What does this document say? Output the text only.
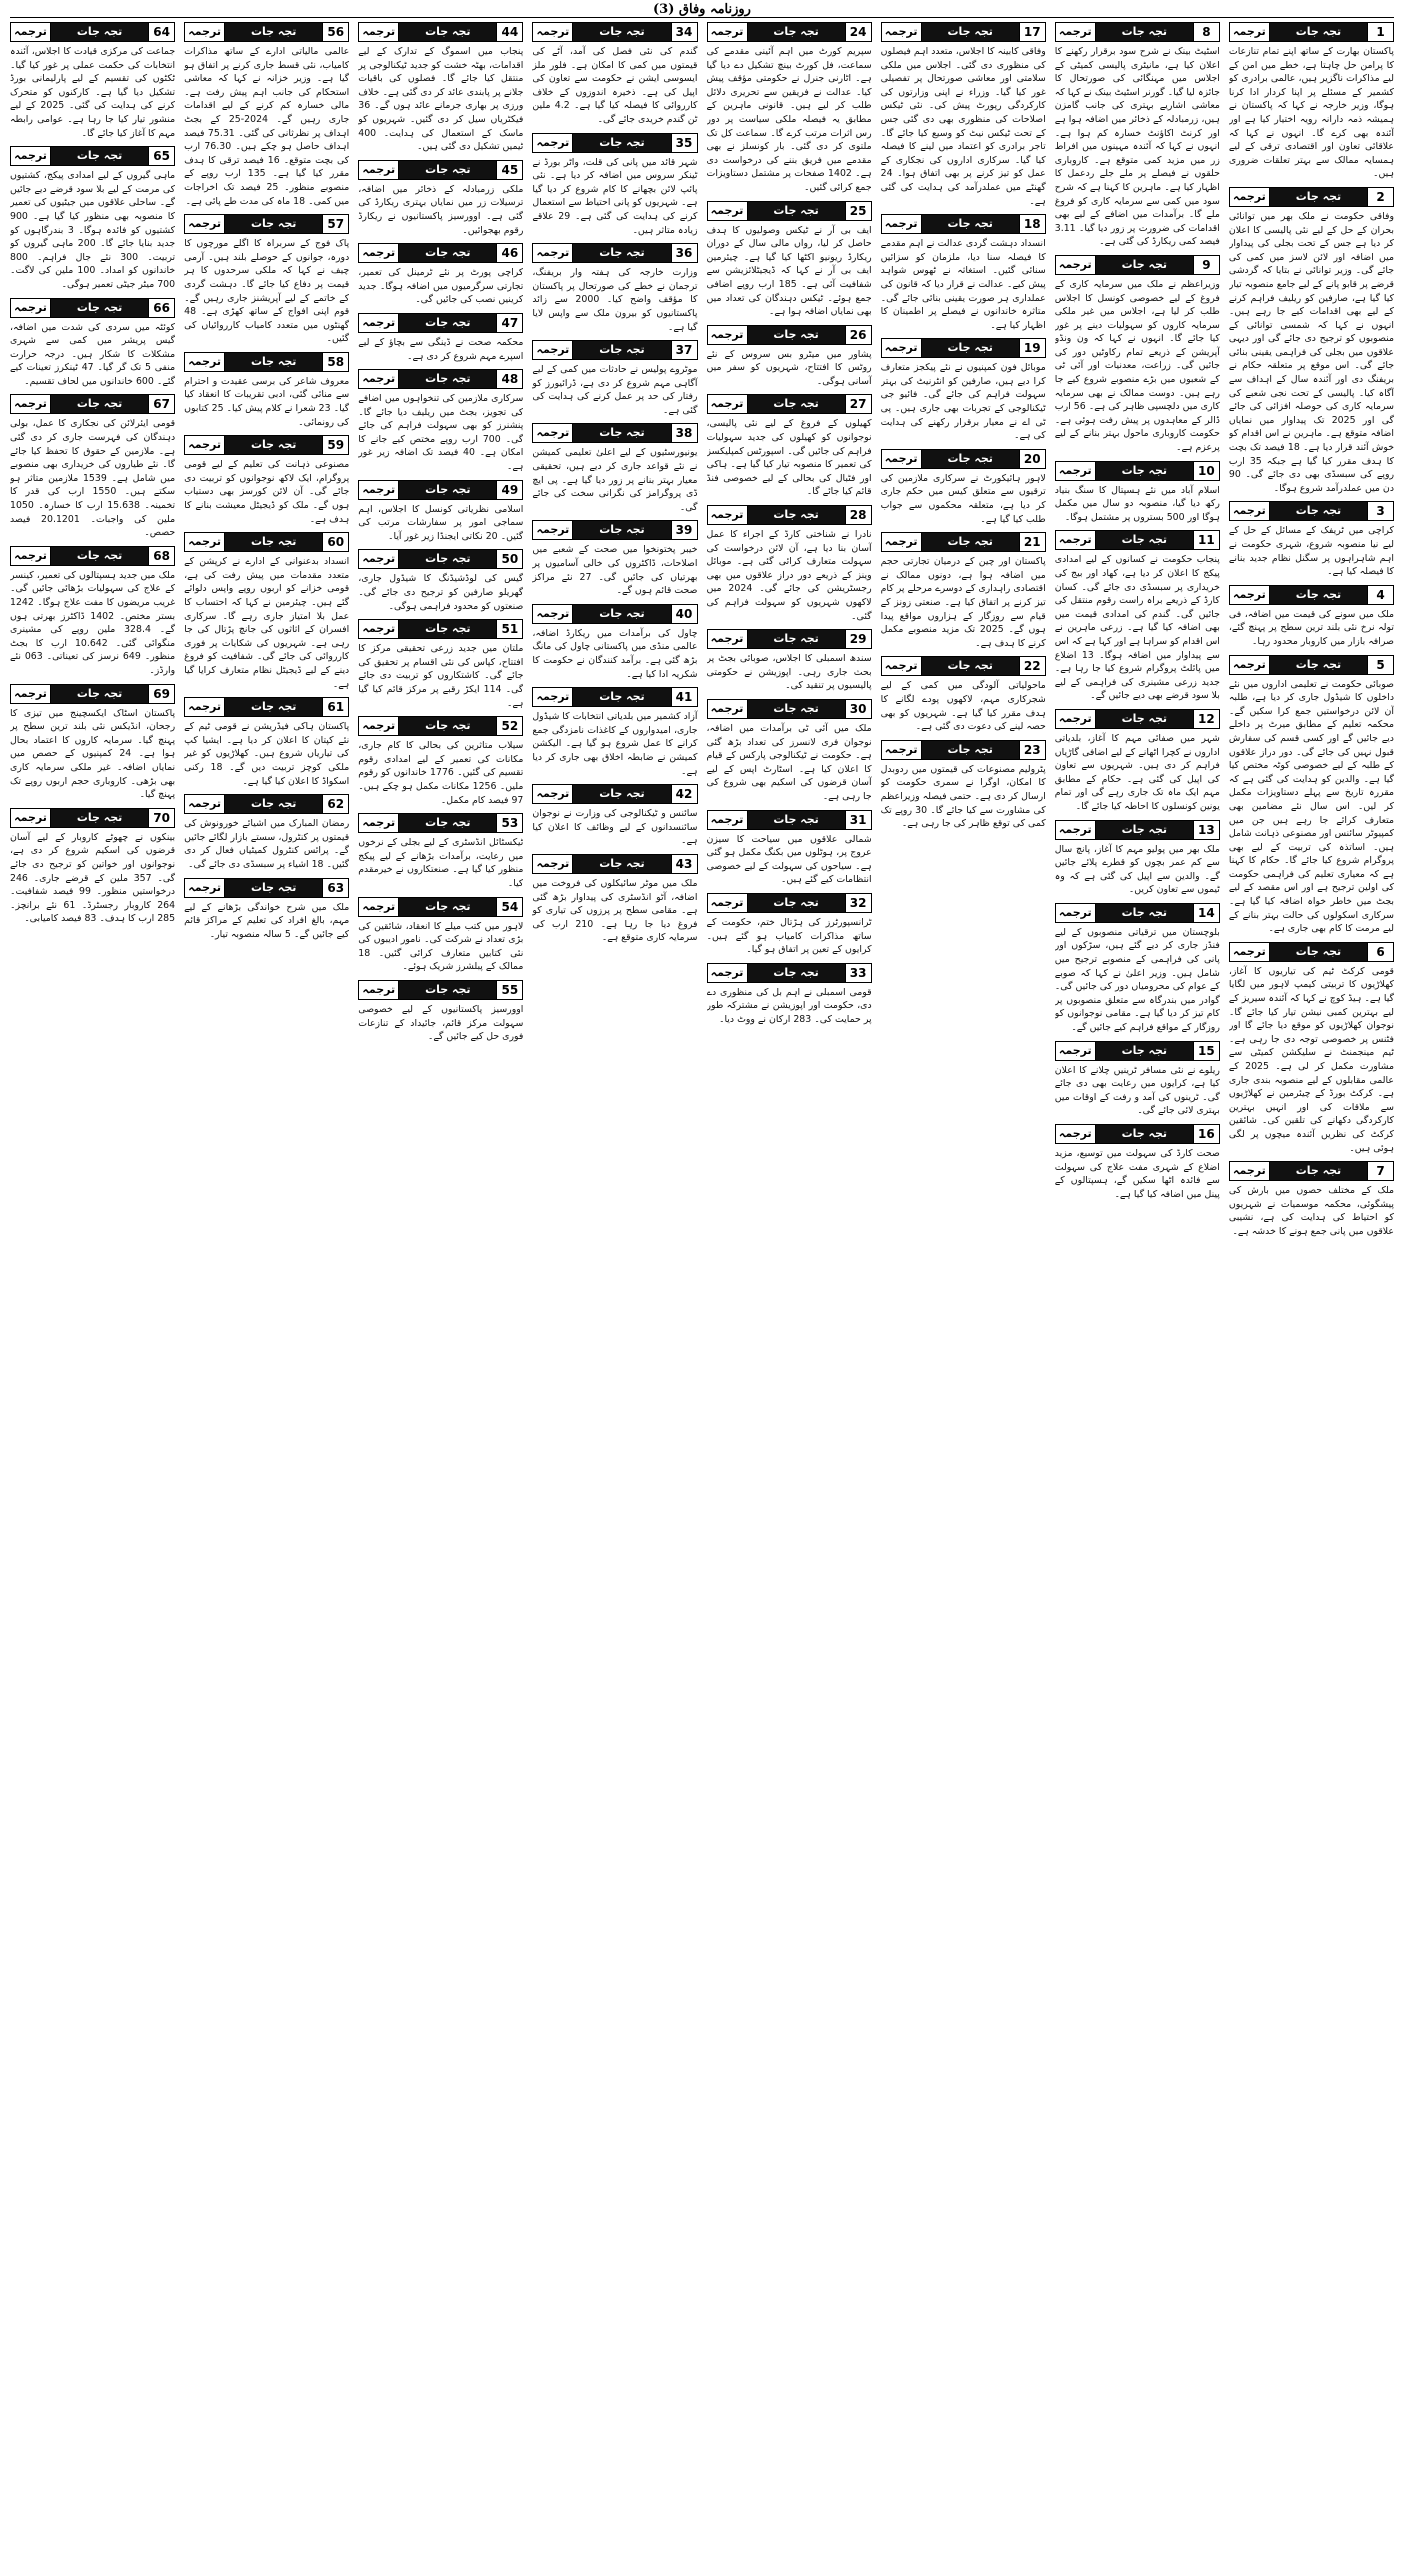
روزنامہ وفاق (3)
1
تجہ جات
ترجمہ
پاکستان بھارت کے ساتھ اپنے تمام تنازعات کا پرامن حل چاہتا ہے، خطے میں امن کے لیے مذاکرات ناگزیر ہیں، عالمی برادری کو کشمیر کے مسئلے پر اپنا کردار ادا کرنا ہوگا، وزیر خارجہ نے کہا کہ پاکستان نے ہمیشہ ذمہ دارانہ رویہ اختیار کیا ہے اور آئندہ بھی کرے گا۔ انہوں نے کہا کہ علاقائی تعاون اور اقتصادی ترقی کے لیے ہمسایہ ممالک سے بہتر تعلقات ضروری ہیں۔
2
تجہ جات
ترجمہ
وفاقی حکومت نے ملک بھر میں توانائی بحران کے حل کے لیے نئی پالیسی کا اعلان کر دیا ہے جس کے تحت بجلی کی پیداوار میں اضافہ اور لائن لاسز میں کمی کی جائے گی۔ وزیر توانائی نے بتایا کہ گردشی قرضے پر قابو پانے کے لیے جامع منصوبہ تیار کیا گیا ہے، صارفین کو ریلیف فراہم کرنے کے لیے بھی اقدامات کیے جا رہے ہیں۔ انہوں نے کہا کہ شمسی توانائی کے منصوبوں کو ترجیح دی جائے گی اور دیہی علاقوں میں بجلی کی فراہمی یقینی بنائی جائے گی۔ اس موقع پر متعلقہ حکام نے بریفنگ دی اور آئندہ سال کے اہداف سے آگاہ کیا۔ پالیسی کے تحت نجی شعبے کی سرمایہ کاری کی حوصلہ افزائی کی جائے گی اور 2025 تک پیداوار میں نمایاں اضافہ متوقع ہے۔ ماہرین نے اس اقدام کو خوش آئند قرار دیا ہے۔ 18 فیصد تک بچت کا ہدف مقرر کیا گیا ہے جبکہ 35 ارب روپے کی سبسڈی بھی دی جائے گی۔ 90 دن میں عملدرآمد شروع ہوگا۔
3
تجہ جات
ترجمہ
کراچی میں ٹریفک کے مسائل کے حل کے لیے نیا منصوبہ شروع، شہری حکومت نے اہم شاہراہوں پر سگنل نظام جدید بنانے کا فیصلہ کیا ہے۔
4
تجہ جات
ترجمہ
ملک میں سونے کی قیمت میں اضافہ، فی تولہ نرخ نئی بلند ترین سطح پر پہنچ گئے، صرافہ بازار میں کاروبار محدود رہا۔
5
تجہ جات
ترجمہ
صوبائی حکومت نے تعلیمی اداروں میں نئے داخلوں کا شیڈول جاری کر دیا ہے، طلبہ آن لائن درخواستیں جمع کرا سکیں گے۔ محکمہ تعلیم کے مطابق میرٹ پر داخلے دیے جائیں گے اور کسی قسم کی سفارش قبول نہیں کی جائے گی۔ دور دراز علاقوں کے طلبہ کے لیے خصوصی کوٹہ مختص کیا گیا ہے۔ والدین کو ہدایت کی گئی ہے کہ مقررہ تاریخ سے پہلے دستاویزات مکمل کر لیں۔ اس سال نئے مضامین بھی متعارف کرائے جا رہے ہیں جن میں کمپیوٹر سائنس اور مصنوعی ذہانت شامل ہیں۔ اساتذہ کی تربیت کے لیے بھی پروگرام شروع کیا جائے گا۔ حکام کا کہنا ہے کہ معیاری تعلیم کی فراہمی حکومت کی اولین ترجیح ہے اور اس مقصد کے لیے بجٹ میں خاطر خواہ اضافہ کیا گیا ہے۔ سرکاری اسکولوں کی حالت بہتر بنانے کے لیے مرمت کا کام بھی جاری ہے۔
6
تجہ جات
ترجمہ
قومی کرکٹ ٹیم کی تیاریوں کا آغاز، کھلاڑیوں کا تربیتی کیمپ لاہور میں لگایا گیا ہے۔ ہیڈ کوچ نے کہا کہ آئندہ سیریز کے لیے بہترین کمبی نیشن تیار کیا جائے گا۔ نوجوان کھلاڑیوں کو موقع دیا جائے گا اور فٹنس پر خصوصی توجہ دی جا رہی ہے۔ ٹیم مینجمنٹ نے سلیکشن کمیٹی سے مشاورت مکمل کر لی ہے۔ 2025 کے عالمی مقابلوں کے لیے منصوبہ بندی جاری ہے۔ کرکٹ بورڈ کے چیئرمین نے کھلاڑیوں سے ملاقات کی اور انہیں بہترین کارکردگی دکھانے کی تلقین کی۔ شائقین کرکٹ کی نظریں آئندہ میچوں پر لگی ہوئی ہیں۔
7
تجہ جات
ترجمہ
ملک کے مختلف حصوں میں بارش کی پیشگوئی، محکمہ موسمیات نے شہریوں کو احتیاط کی ہدایت کی ہے، نشیبی علاقوں میں پانی جمع ہونے کا خدشہ ہے۔
8
تجہ جات
ترجمہ
اسٹیٹ بینک نے شرح سود برقرار رکھنے کا اعلان کیا ہے، مانیٹری پالیسی کمیٹی کے اجلاس میں مہنگائی کی صورتحال کا جائزہ لیا گیا۔ گورنر اسٹیٹ بینک نے کہا کہ معاشی اشاریے بہتری کی جانب گامزن ہیں، زرمبادلہ کے ذخائر میں اضافہ ہوا ہے اور کرنٹ اکاؤنٹ خسارہ کم ہوا ہے۔ انہوں نے کہا کہ آئندہ مہینوں میں افراط زر میں مزید کمی متوقع ہے۔ کاروباری حلقوں نے فیصلے پر ملے جلے ردعمل کا اظہار کیا ہے۔ ماہرین کا کہنا ہے کہ شرح سود میں کمی سے سرمایہ کاری کو فروغ ملے گا۔ برآمدات میں اضافے کے لیے بھی اقدامات کی ضرورت پر زور دیا گیا۔ 3.11 فیصد کمی ریکارڈ کی گئی ہے۔
9
تجہ جات
ترجمہ
وزیراعظم نے ملک میں سرمایہ کاری کے فروغ کے لیے خصوصی کونسل کا اجلاس طلب کر لیا ہے، اجلاس میں غیر ملکی سرمایہ کاروں کو سہولیات دینے پر غور کیا جائے گا۔ انہوں نے کہا کہ ون ونڈو آپریشن کے ذریعے تمام رکاوٹیں دور کی جائیں گی۔ زراعت، معدنیات اور آئی ٹی کے شعبوں میں بڑے منصوبے شروع کیے جا رہے ہیں۔ دوست ممالک نے بھی سرمایہ کاری میں دلچسپی ظاہر کی ہے۔ 56 ارب ڈالر کے معاہدوں پر پیش رفت ہوئی ہے۔ حکومت کاروباری ماحول بہتر بنانے کے لیے پرعزم ہے۔
10
تجہ جات
ترجمہ
اسلام آباد میں نئے ہسپتال کا سنگ بنیاد رکھ دیا گیا، منصوبہ دو سال میں مکمل ہوگا اور 500 بستروں پر مشتمل ہوگا۔
11
تجہ جات
ترجمہ
پنجاب حکومت نے کسانوں کے لیے امدادی پیکج کا اعلان کر دیا ہے، کھاد اور بیج کی خریداری پر سبسڈی دی جائے گی۔ کسان کارڈ کے ذریعے براہ راست رقوم منتقل کی جائیں گی۔ گندم کی امدادی قیمت میں بھی اضافہ کیا گیا ہے۔ زرعی ماہرین نے اس اقدام کو سراہا ہے اور کہا ہے کہ اس سے پیداوار میں اضافہ ہوگا۔ 13 اضلاع میں پائلٹ پروگرام شروع کیا جا رہا ہے۔ جدید زرعی مشینری کی فراہمی کے لیے بلا سود قرضے بھی دیے جائیں گے۔
12
تجہ جات
ترجمہ
شہر میں صفائی مہم کا آغاز، بلدیاتی اداروں نے کچرا اٹھانے کے لیے اضافی گاڑیاں فراہم کر دی ہیں۔ شہریوں سے تعاون کی اپیل کی گئی ہے۔ حکام کے مطابق مہم ایک ماہ تک جاری رہے گی اور تمام یونین کونسلوں کا احاطہ کیا جائے گا۔
13
تجہ جات
ترجمہ
ملک بھر میں پولیو مہم کا آغاز، پانچ سال سے کم عمر بچوں کو قطرے پلائے جائیں گے۔ والدین سے اپیل کی گئی ہے کہ وہ ٹیموں سے تعاون کریں۔
14
تجہ جات
ترجمہ
بلوچستان میں ترقیاتی منصوبوں کے لیے فنڈز جاری کر دیے گئے ہیں، سڑکوں اور پانی کی فراہمی کے منصوبے ترجیح میں شامل ہیں۔ وزیر اعلیٰ نے کہا کہ صوبے کے عوام کی محرومیاں دور کی جائیں گی۔ گوادر میں بندرگاہ سے متعلق منصوبوں پر کام تیز کر دیا گیا ہے۔ مقامی نوجوانوں کو روزگار کے مواقع فراہم کیے جائیں گے۔
15
تجہ جات
ترجمہ
ریلوے نے نئی مسافر ٹرینیں چلانے کا اعلان کیا ہے، کرایوں میں رعایت بھی دی جائے گی۔ ٹرینوں کی آمد و رفت کے اوقات میں بہتری لائی جائے گی۔
16
تجہ جات
ترجمہ
صحت کارڈ کی سہولت میں توسیع، مزید اضلاع کے شہری مفت علاج کی سہولت سے فائدہ اٹھا سکیں گے، ہسپتالوں کے پینل میں اضافہ کیا گیا ہے۔
17
تجہ جات
ترجمہ
وفاقی کابینہ کا اجلاس، متعدد اہم فیصلوں کی منظوری دی گئی۔ اجلاس میں ملکی سلامتی اور معاشی صورتحال پر تفصیلی غور کیا گیا۔ وزراء نے اپنی وزارتوں کی کارکردگی رپورٹ پیش کی۔ نئی ٹیکس اصلاحات کی منظوری بھی دی گئی جس کے تحت ٹیکس نیٹ کو وسیع کیا جائے گا۔ تاجر برادری کو اعتماد میں لینے کا فیصلہ کیا گیا۔ سرکاری اداروں کی نجکاری کے عمل کو تیز کرنے پر بھی اتفاق ہوا۔ 24 گھنٹے میں عملدرآمد کی ہدایت کی گئی ہے۔
18
تجہ جات
ترجمہ
انسداد دہشت گردی عدالت نے اہم مقدمے کا فیصلہ سنا دیا، ملزمان کو سزائیں سنائی گئیں۔ استغاثہ نے ٹھوس شواہد پیش کیے۔ عدالت نے قرار دیا کہ قانون کی عملداری ہر صورت یقینی بنائی جائے گی۔ متاثرہ خاندانوں نے فیصلے پر اطمینان کا اظہار کیا ہے۔
19
تجہ جات
ترجمہ
موبائل فون کمپنیوں نے نئے پیکجز متعارف کرا دیے ہیں، صارفین کو انٹرنیٹ کی بہتر سہولت فراہم کی جائے گی۔ فائیو جی ٹیکنالوجی کے تجربات بھی جاری ہیں۔ پی ٹی اے نے معیار برقرار رکھنے کی ہدایت کی ہے۔
20
تجہ جات
ترجمہ
لاہور ہائیکورٹ نے سرکاری ملازمین کی ترقیوں سے متعلق کیس میں حکم جاری کر دیا ہے، متعلقہ محکموں سے جواب طلب کیا گیا ہے۔
21
تجہ جات
ترجمہ
پاکستان اور چین کے درمیان تجارتی حجم میں اضافہ ہوا ہے، دونوں ممالک نے اقتصادی راہداری کے دوسرے مرحلے پر کام تیز کرنے پر اتفاق کیا ہے۔ صنعتی زونز کے قیام سے روزگار کے ہزاروں مواقع پیدا ہوں گے۔ 2025 تک مزید منصوبے مکمل کرنے کا ہدف ہے۔
22
تجہ جات
ترجمہ
ماحولیاتی آلودگی میں کمی کے لیے شجرکاری مہم، لاکھوں پودے لگانے کا ہدف مقرر کیا گیا ہے۔ شہریوں کو بھی حصہ لینے کی دعوت دی گئی ہے۔
23
تجہ جات
ترجمہ
پٹرولیم مصنوعات کی قیمتوں میں ردوبدل کا امکان، اوگرا نے سمری حکومت کو ارسال کر دی ہے۔ حتمی فیصلہ وزیراعظم کی مشاورت سے کیا جائے گا۔ 30 روپے تک کمی کی توقع ظاہر کی جا رہی ہے۔
24
تجہ جات
ترجمہ
سپریم کورٹ میں اہم آئینی مقدمے کی سماعت، فل کورٹ بینچ تشکیل دے دیا گیا ہے۔ اٹارنی جنرل نے حکومتی مؤقف پیش کیا۔ عدالت نے فریقین سے تحریری دلائل طلب کر لیے ہیں۔ قانونی ماہرین کے مطابق یہ فیصلہ ملکی سیاست پر دور رس اثرات مرتب کرے گا۔ سماعت کل تک ملتوی کر دی گئی۔ بار کونسلز نے بھی مقدمے میں فریق بننے کی درخواست دی ہے۔ 1402 صفحات پر مشتمل دستاویزات جمع کرائی گئیں۔
25
تجہ جات
ترجمہ
ایف بی آر نے ٹیکس وصولیوں کا ہدف حاصل کر لیا، رواں مالی سال کے دوران ریکارڈ ریونیو اکٹھا کیا گیا ہے۔ چیئرمین ایف بی آر نے کہا کہ ڈیجیٹلائزیشن سے شفافیت آئی ہے۔ 185 ارب روپے اضافی جمع ہوئے۔ ٹیکس دہندگان کی تعداد میں بھی نمایاں اضافہ ہوا ہے۔
26
تجہ جات
ترجمہ
پشاور میں میٹرو بس سروس کے نئے روٹس کا افتتاح، شہریوں کو سفر میں آسانی ہوگی۔
27
تجہ جات
ترجمہ
کھیلوں کے فروغ کے لیے نئی پالیسی، نوجوانوں کو کھیلوں کی جدید سہولیات فراہم کی جائیں گی۔ اسپورٹس کمپلیکسز کی تعمیر کا منصوبہ تیار کیا گیا ہے۔ ہاکی اور فٹبال کی بحالی کے لیے خصوصی فنڈ قائم کیا جائے گا۔
28
تجہ جات
ترجمہ
نادرا نے شناختی کارڈ کے اجراء کا عمل آسان بنا دیا ہے، آن لائن درخواست کی سہولت متعارف کرائی گئی ہے۔ موبائل وینز کے ذریعے دور دراز علاقوں میں بھی رجسٹریشن کی جائے گی۔ 2024 میں لاکھوں شہریوں کو سہولت فراہم کی گئی۔
29
تجہ جات
ترجمہ
سندھ اسمبلی کا اجلاس، صوبائی بجٹ پر بحث جاری رہی۔ اپوزیشن نے حکومتی پالیسیوں پر تنقید کی۔
30
تجہ جات
ترجمہ
ملک میں آئی ٹی برآمدات میں اضافہ، نوجوان فری لانسرز کی تعداد بڑھ گئی ہے۔ حکومت نے ٹیکنالوجی پارکس کے قیام کا اعلان کیا ہے۔ اسٹارٹ اپس کے لیے آسان قرضوں کی اسکیم بھی شروع کی جا رہی ہے۔
31
تجہ جات
ترجمہ
شمالی علاقوں میں سیاحت کا سیزن عروج پر، ہوٹلوں میں بکنگ مکمل ہو گئی ہے۔ سیاحوں کی سہولت کے لیے خصوصی انتظامات کیے گئے ہیں۔
32
تجہ جات
ترجمہ
ٹرانسپورٹرز کی ہڑتال ختم، حکومت کے ساتھ مذاکرات کامیاب ہو گئے ہیں۔ کرایوں کے تعین پر اتفاق ہو گیا۔
33
تجہ جات
ترجمہ
قومی اسمبلی نے اہم بل کی منظوری دے دی، حکومت اور اپوزیشن نے مشترکہ طور پر حمایت کی۔ 283 ارکان نے ووٹ دیا۔
34
تجہ جات
ترجمہ
گندم کی نئی فصل کی آمد، آٹے کی قیمتوں میں کمی کا امکان ہے۔ فلور ملز ایسوسی ایشن نے حکومت سے تعاون کی اپیل کی ہے۔ ذخیرہ اندوزوں کے خلاف کارروائی کا فیصلہ کیا گیا ہے۔ 4.2 ملین ٹن گندم خریدی جائے گی۔
35
تجہ جات
ترجمہ
شہر قائد میں پانی کی قلت، واٹر بورڈ نے ٹینکر سروس میں اضافہ کر دیا ہے۔ نئی پائپ لائن بچھانے کا کام شروع کر دیا گیا ہے۔ شہریوں کو پانی احتیاط سے استعمال کرنے کی ہدایت کی گئی ہے۔ 29 علاقے زیادہ متاثر ہیں۔
36
تجہ جات
ترجمہ
وزارت خارجہ کی ہفتہ وار بریفنگ، ترجمان نے خطے کی صورتحال پر پاکستان کا مؤقف واضح کیا۔ 2000 سے زائد پاکستانیوں کو بیرون ملک سے واپس لایا گیا ہے۔
37
تجہ جات
ترجمہ
موٹروے پولیس نے حادثات میں کمی کے لیے آگاہی مہم شروع کر دی ہے، ڈرائیورز کو رفتار کی حد پر عمل کرنے کی ہدایت کی گئی ہے۔
38
تجہ جات
ترجمہ
یونیورسٹیوں کے لیے اعلیٰ تعلیمی کمیشن نے نئے قواعد جاری کر دیے ہیں، تحقیقی معیار بہتر بنانے پر زور دیا گیا ہے۔ پی ایچ ڈی پروگرامز کی نگرانی سخت کی جائے گی۔
39
تجہ جات
ترجمہ
خیبر پختونخوا میں صحت کے شعبے میں اصلاحات، ڈاکٹروں کی خالی آسامیوں پر بھرتیاں کی جائیں گی۔ 27 نئے مراکز صحت قائم ہوں گے۔
40
تجہ جات
ترجمہ
چاول کی برآمدات میں ریکارڈ اضافہ، عالمی منڈی میں پاکستانی چاول کی مانگ بڑھ گئی ہے۔ برآمد کنندگان نے حکومت کا شکریہ ادا کیا ہے۔
41
تجہ جات
ترجمہ
آزاد کشمیر میں بلدیاتی انتخابات کا شیڈول جاری، امیدواروں کے کاغذات نامزدگی جمع کرانے کا عمل شروع ہو گیا ہے۔ الیکشن کمیشن نے ضابطہ اخلاق بھی جاری کر دیا ہے۔
42
تجہ جات
ترجمہ
سائنس و ٹیکنالوجی کی وزارت نے نوجوان سائنسدانوں کے لیے وظائف کا اعلان کیا ہے۔
43
تجہ جات
ترجمہ
ملک میں موٹر سائیکلوں کی فروخت میں اضافہ، آٹو انڈسٹری کی پیداوار بڑھ گئی ہے۔ مقامی سطح پر پرزوں کی تیاری کو فروغ دیا جا رہا ہے۔ 210 ارب کی سرمایہ کاری متوقع ہے۔
44
تجہ جات
ترجمہ
پنجاب میں اسموگ کے تدارک کے لیے اقدامات، بھٹہ خشت کو جدید ٹیکنالوجی پر منتقل کیا جائے گا۔ فصلوں کی باقیات جلانے پر پابندی عائد کر دی گئی ہے۔ خلاف ورزی پر بھاری جرمانے عائد ہوں گے۔ 36 فیکٹریاں سیل کر دی گئیں۔ شہریوں کو ماسک کے استعمال کی ہدایت۔ 400 ٹیمیں تشکیل دی گئی ہیں۔
45
تجہ جات
ترجمہ
ملکی زرمبادلہ کے ذخائر میں اضافہ، ترسیلات زر میں نمایاں بہتری ریکارڈ کی گئی ہے۔ اوورسیز پاکستانیوں نے ریکارڈ رقوم بھجوائیں۔
46
تجہ جات
ترجمہ
کراچی پورٹ پر نئے ٹرمینل کی تعمیر، تجارتی سرگرمیوں میں اضافہ ہوگا۔ جدید کرینیں نصب کی جائیں گی۔
47
تجہ جات
ترجمہ
محکمہ صحت نے ڈینگی سے بچاؤ کے لیے اسپرے مہم شروع کر دی ہے۔
48
تجہ جات
ترجمہ
سرکاری ملازمین کی تنخواہوں میں اضافے کی تجویز، بجٹ میں ریلیف دیا جائے گا۔ پنشنرز کو بھی سہولت فراہم کی جائے گی۔ 700 ارب روپے مختص کیے جانے کا امکان ہے۔ 40 فیصد تک اضافہ زیر غور ہے۔
49
تجہ جات
ترجمہ
اسلامی نظریاتی کونسل کا اجلاس، اہم سماجی امور پر سفارشات مرتب کی گئیں۔ 20 نکاتی ایجنڈا زیر غور آیا۔
50
تجہ جات
ترجمہ
گیس کی لوڈشیڈنگ کا شیڈول جاری، گھریلو صارفین کو ترجیح دی جائے گی۔ صنعتوں کو محدود فراہمی ہوگی۔
51
تجہ جات
ترجمہ
ملتان میں جدید زرعی تحقیقی مرکز کا افتتاح، کپاس کی نئی اقسام پر تحقیق کی جائے گی۔ کاشتکاروں کو تربیت دی جائے گی۔ 114 ایکڑ رقبے پر مرکز قائم کیا گیا ہے۔
52
تجہ جات
ترجمہ
سیلاب متاثرین کی بحالی کا کام جاری، مکانات کی تعمیر کے لیے امدادی رقوم تقسیم کی گئیں۔ 1776 خاندانوں کو رقوم ملیں۔ 1256 مکانات مکمل ہو چکے ہیں۔ 97 فیصد کام مکمل۔
53
تجہ جات
ترجمہ
ٹیکسٹائل انڈسٹری کے لیے بجلی کے نرخوں میں رعایت، برآمدات بڑھانے کے لیے پیکج منظور کیا گیا ہے۔ صنعتکاروں نے خیرمقدم کیا۔
54
تجہ جات
ترجمہ
لاہور میں کتب میلے کا انعقاد، شائقین کی بڑی تعداد نے شرکت کی۔ نامور ادیبوں کی نئی کتابیں متعارف کرائی گئیں۔ 18 ممالک کے پبلشرز شریک ہوئے۔
55
تجہ جات
ترجمہ
اوورسیز پاکستانیوں کے لیے خصوصی سہولت مرکز قائم، جائیداد کے تنازعات فوری حل کیے جائیں گے۔
56
تجہ جات
ترجمہ
عالمی مالیاتی ادارے کے ساتھ مذاکرات کامیاب، نئی قسط جاری کرنے پر اتفاق ہو گیا ہے۔ وزیر خزانہ نے کہا کہ معاشی استحکام کی جانب اہم پیش رفت ہے۔ مالی خسارہ کم کرنے کے لیے اقدامات جاری رہیں گے۔ 2024-25 کے بجٹ اہداف پر نظرثانی کی گئی۔ 75.31 فیصد اہداف حاصل ہو چکے ہیں۔ 76.30 ارب کی بچت متوقع۔ 16 فیصد ترقی کا ہدف مقرر کیا گیا ہے۔ 135 ارب روپے کے منصوبے منظور۔ 25 فیصد تک اخراجات میں کمی۔ 18 ماہ کی مدت طے پائی ہے۔
57
تجہ جات
ترجمہ
پاک فوج کے سربراہ کا اگلے مورچوں کا دورہ، جوانوں کے حوصلے بلند ہیں۔ آرمی چیف نے کہا کہ ملکی سرحدوں کا ہر قیمت پر دفاع کیا جائے گا۔ دہشت گردی کے خاتمے کے لیے آپریشنز جاری رہیں گے۔ قوم اپنی افواج کے ساتھ کھڑی ہے۔ 48 گھنٹوں میں متعدد کامیاب کارروائیاں کی گئیں۔
58
تجہ جات
ترجمہ
معروف شاعر کی برسی عقیدت و احترام سے منائی گئی، ادبی تقریبات کا انعقاد کیا گیا۔ 23 شعرا نے کلام پیش کیا۔ 25 کتابوں کی رونمائی۔
59
تجہ جات
ترجمہ
مصنوعی ذہانت کی تعلیم کے لیے قومی پروگرام، ایک لاکھ نوجوانوں کو تربیت دی جائے گی۔ آن لائن کورسز بھی دستیاب ہوں گے۔ ملک کو ڈیجیٹل معیشت بنانے کا ہدف ہے۔
60
تجہ جات
ترجمہ
انسداد بدعنوانی کے ادارے نے کرپشن کے متعدد مقدمات میں پیش رفت کی ہے، قومی خزانے کو اربوں روپے واپس دلوائے گئے ہیں۔ چیئرمین نے کہا کہ احتساب کا عمل بلا امتیاز جاری رہے گا۔ سرکاری افسران کے اثاثوں کی جانچ پڑتال کی جا رہی ہے۔ شہریوں کی شکایات پر فوری کارروائی کی جائے گی۔ شفافیت کو فروغ دینے کے لیے ڈیجیٹل نظام متعارف کرایا گیا ہے۔
61
تجہ جات
ترجمہ
پاکستان ہاکی فیڈریشن نے قومی ٹیم کے نئے کپتان کا اعلان کر دیا ہے۔ ایشیا کپ کی تیاریاں شروع ہیں۔ کھلاڑیوں کو غیر ملکی کوچز تربیت دیں گے۔ 18 رکنی اسکواڈ کا اعلان کیا گیا ہے۔
62
تجہ جات
ترجمہ
رمضان المبارک میں اشیائے خورونوش کی قیمتوں پر کنٹرول، سستے بازار لگائے جائیں گے۔ پرائس کنٹرول کمیٹیاں فعال کر دی گئیں۔ 18 اشیاء پر سبسڈی دی جائے گی۔
63
تجہ جات
ترجمہ
ملک میں شرح خواندگی بڑھانے کے لیے مہم، بالغ افراد کی تعلیم کے مراکز قائم کیے جائیں گے۔ 5 سالہ منصوبہ تیار۔
64
تجہ جات
ترجمہ
جماعت کی مرکزی قیادت کا اجلاس، آئندہ انتخابات کی حکمت عملی پر غور کیا گیا۔ ٹکٹوں کی تقسیم کے لیے پارلیمانی بورڈ تشکیل دیا گیا ہے۔ کارکنوں کو متحرک کرنے کی ہدایت کی گئی۔ 2025 کے لیے منشور تیار کیا جا رہا ہے۔ عوامی رابطہ مہم کا آغاز کیا جائے گا۔
65
تجہ جات
ترجمہ
ماہی گیروں کے لیے امدادی پیکج، کشتیوں کی مرمت کے لیے بلا سود قرضے دیے جائیں گے۔ ساحلی علاقوں میں جیٹیوں کی تعمیر کا منصوبہ بھی منظور کیا گیا ہے۔ 900 کشتیوں کو فائدہ ہوگا۔ 3 بندرگاہوں کو جدید بنایا جائے گا۔ 200 ماہی گیروں کو تربیت۔ 300 نئے جال فراہم۔ 800 خاندانوں کو امداد۔ 100 ملین کی لاگت۔ 700 میٹر جیٹی تعمیر ہوگی۔
66
تجہ جات
ترجمہ
کوئٹہ میں سردی کی شدت میں اضافہ، گیس پریشر میں کمی سے شہری مشکلات کا شکار ہیں۔ درجہ حرارت منفی 5 تک گر گیا۔ 47 ٹینکرز تعینات کیے گئے۔ 600 خاندانوں میں لحاف تقسیم۔
67
تجہ جات
ترجمہ
قومی ایئرلائن کی نجکاری کا عمل، بولی دہندگان کی فہرست جاری کر دی گئی ہے۔ ملازمین کے حقوق کا تحفظ کیا جائے گا۔ نئے طیاروں کی خریداری بھی منصوبے میں شامل ہے۔ 1539 ملازمین متاثر ہو سکتے ہیں۔ 1550 ارب کی قدر کا تخمینہ۔ 15.638 ارب کا خسارہ۔ 1050 ملین کی واجبات۔ 20.1201 فیصد حصص۔
68
تجہ جات
ترجمہ
ملک میں جدید ہسپتالوں کی تعمیر، کینسر کے علاج کی سہولیات بڑھائی جائیں گی۔ غریب مریضوں کا مفت علاج ہوگا۔ 1242 بستر مختص۔ 1402 ڈاکٹرز بھرتی ہوں گے۔ 328.4 ملین روپے کی مشینری منگوائی گئی۔ 10.642 ارب کا بجٹ منظور۔ 649 نرسز کی تعیناتی۔ 063 نئے وارڈز۔
69
تجہ جات
ترجمہ
پاکستان اسٹاک ایکسچینج میں تیزی کا رجحان، انڈیکس نئی بلند ترین سطح پر پہنچ گیا۔ سرمایہ کاروں کا اعتماد بحال ہوا ہے۔ 24 کمپنیوں کے حصص میں نمایاں اضافہ۔ غیر ملکی سرمایہ کاری بھی بڑھی۔ کاروباری حجم اربوں روپے تک پہنچ گیا۔
70
تجہ جات
ترجمہ
بینکوں نے چھوٹے کاروبار کے لیے آسان قرضوں کی اسکیم شروع کر دی ہے، نوجوانوں اور خواتین کو ترجیح دی جائے گی۔ 357 ملین کے قرضے جاری۔ 246 درخواستیں منظور۔ 99 فیصد شفافیت۔ 264 کاروبار رجسٹرڈ۔ 61 نئے برانچز۔ 285 ارب کا ہدف۔ 83 فیصد کامیابی۔
